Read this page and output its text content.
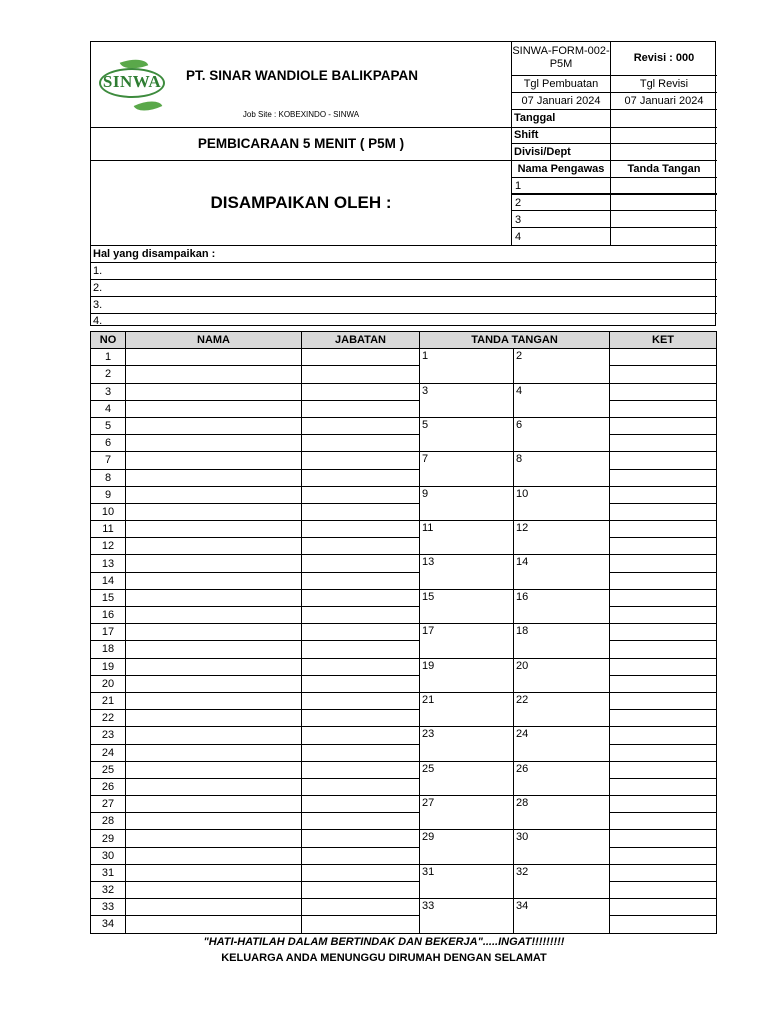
SINWA PT. SINAR WANDIOLE BALIKPAPAN
Job Site : KOBEXINDO - SINWA
SINWA-FORM-002-P5M	Revisi : 000
Tgl Pembuatan	Tgl Revisi
07 Januari 2024	07 Januari 2024
Tanggal
Shift
Divisi/Dept
PEMBICARAAN 5 MENIT ( P5M )
Nama Pengawas	Tanda Tangan
1
2
3
4
DISAMPAIKAN OLEH :
Hal yang disampaikan :
1.
2.
3.
4.
NO	NAMA	JABATAN	TANDA TANGAN		KET
1			1	2	
2					
3			3	4	
4					
5			5	6	
6					
7			7	8	
8					
9			9	10	
10					
11			11	12	
12					
13			13	14	
14					
15			15	16	
16					
17			17	18	
18					
19			19	20	
20					
21			21	22	
22					
23			23	24	
24					
25			25	26	
26					
27			27	28	
28					
29			29	30	
30					
31			31	32	
32					
33			33	34	
34					
"HATI-HATILAH DALAM BERTINDAK DAN BEKERJA".....INGAT!!!!!!!!!
KELUARGA ANDA MENUNGGU DIRUMAH DENGAN SELAMAT
